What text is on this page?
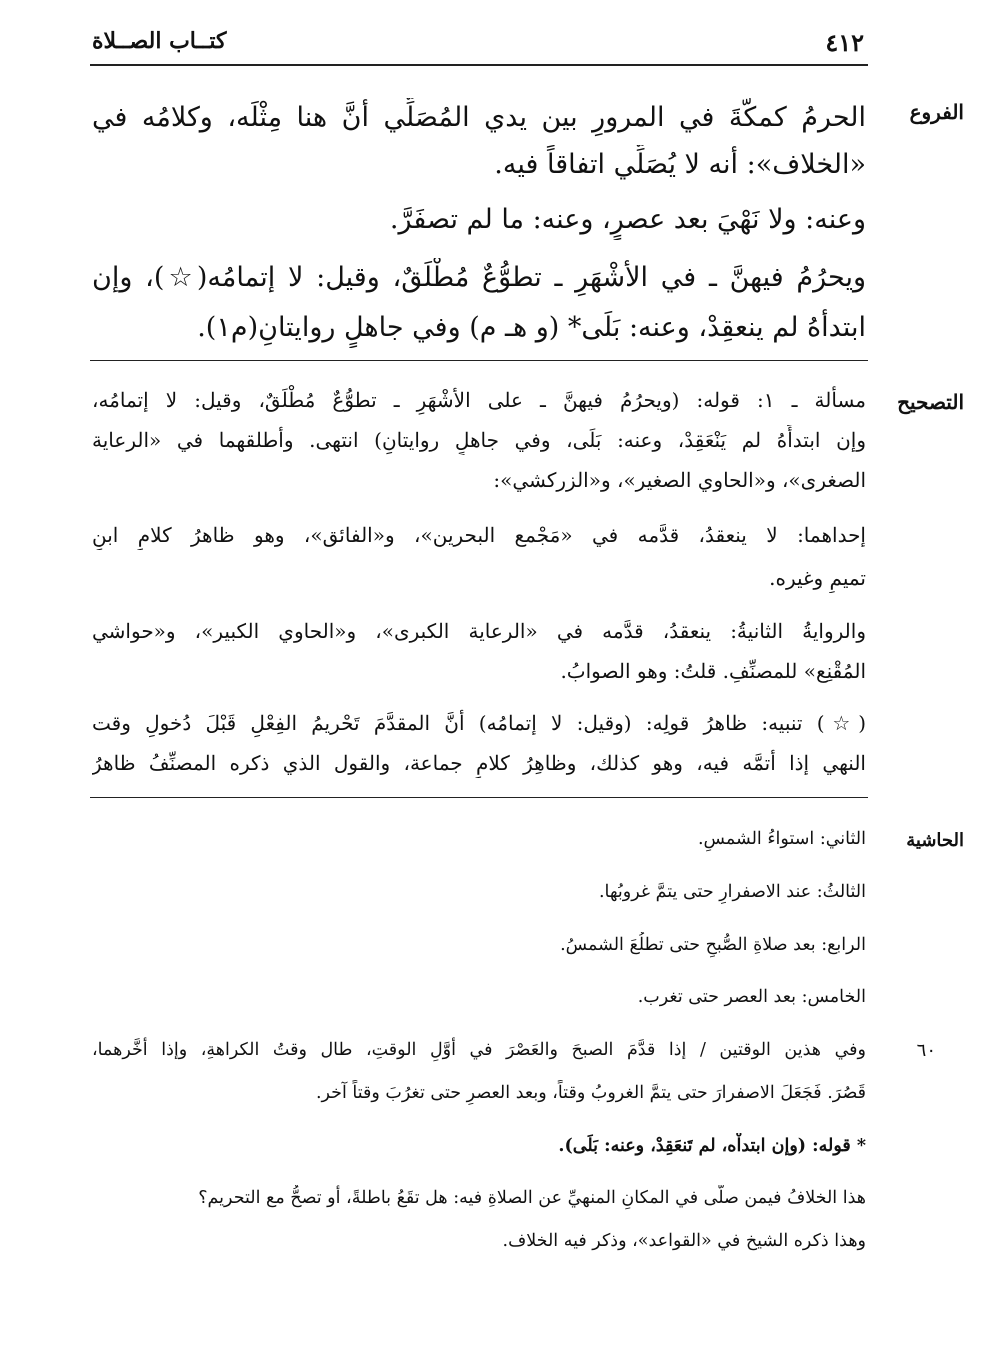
٤١٢
كتــاب الصــلاة
الفروع
الحرمُ كمكَّةَ في المرورِ بين يدي المُصَلِّي أنَّ هنا مِثْلَه، وكلامُه في
«الخلاف»: أنه لا يُصَلِّي اتفاقاً فيه.
وعنه: ولا نَهْيَ بعد عصرٍ، وعنه: ما لم تصفَرَّ.
ويحرُمُ فيهنَّ ـ في الأشْهَرِ ـ تطوُّعٌ مُطْلَقٌ، وقيل: لا إتمامُه(☆)، وإن
ابتدأَهُ لم ينعقِدْ، وعنه: بَلَى* (و هـ م) وفي جاهلٍ روايتانِ(م١).
التصحيح
مسألة ـ ١: قوله: (ويحرُمُ فيهنَّ ـ على الأشْهَرِ ـ تطوُّعٌ مُطْلَقٌ، وقيل: لا إتمامُه،
وإن ابتدأَهُ لم يَنْعَقِدْ، وعنه: بَلَى، وفي جاهلٍ روايتانِ) انتهى. وأطلقهما في «الرعاية
الصغرى»، و«الحاوي الصغير»، و«الزركشي»:
إحداهما: لا ينعقدُ، قدَّمه في «مَجْمع البحرين»، و«الفائق»، وهو ظاهرُ كلامِ ابنِ
تميمٍ وغيره.
والروايةُ الثانيةُ: ينعقدُ، قدَّمه في «الرعاية الكبرى»، و«الحاوي الكبير»، و«حواشي
المُقْنِع» للمصنِّفِ. قلتُ: وهو الصوابُ.
(☆) تنبيه: ظاهرُ قولِه: (وقيل: لا إتمامُه) أنَّ المقدَّمَ تَحْريمُ الفِعْلِ قَبْلَ دُخولِ وقت
النهي إذا أتمَّه فيه، وهو كذلك، وظاهِرُ كلامِ جماعة، والقول الذي ذكره المصنِّفُ ظاهرُ
الحاشية
٦٠
الثاني: استواءُ الشمسِ.
الثالثُ: عند الاصفرارِ حتى يتمَّ غروبُها.
الرابع: بعد صلاةِ الصُّبحِ حتى تطلُعَ الشمسُ.
الخامس: بعد العصر حتى تغرب.
وفي هذين الوقتين / إذا قدَّمَ الصبحَ والعَصْرَ في أوَّلِ الوقتِ، طال وقتُ الكراهةِ، وإذا أخَّرهما،
قَصُرَ. فَجَعَلَ الاصفرارَ حتى يتمَّ الغروبُ وقتاً، وبعد العصرِ حتى تغرُبَ وقتاً آخر.
* قوله: (وإن ابتداْه، لم تَنعَقِدْ، وعنه: بَلَى).
هذا الخلافُ فيمن صلَّى في المكانِ المنهيِّ عن الصلاةِ فيه: هل تقَعُ باطلةً، أو تصحُّ مع التحريم؟
وهذا ذكره الشيخ في «القواعد»، وذكر فيه الخلاف.
